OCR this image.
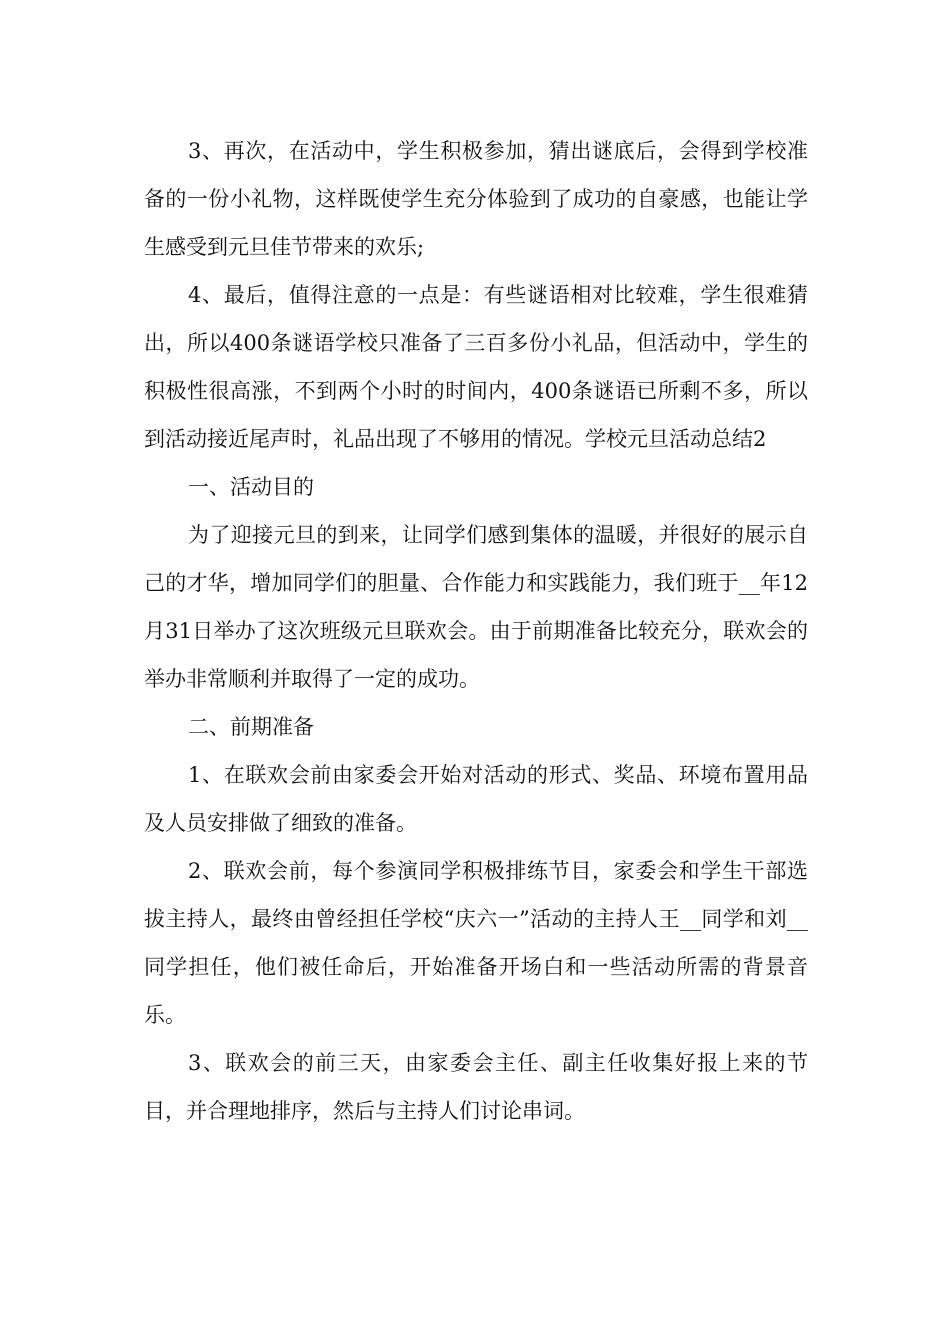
3、再次，在活动中，学生积极参加，猜出谜底后，会得到学校准备的一份小礼物，这样既使学生充分体验到了成功的自豪感，也能让学生感受到元旦佳节带来的欢乐;

4、最后，值得注意的一点是：有些谜语相对比较难，学生很难猜出，所以400条谜语学校只准备了三百多份小礼品，但活动中，学生的积极性很高涨，不到两个小时的时间内，400条谜语已所剩不多，所以到活动接近尾声时，礼品出现了不够用的情况。学校元旦活动总结2

一、活动目的

为了迎接元旦的到来，让同学们感到集体的温暖，并很好的展示自己的才华，增加同学们的胆量、合作能力和实践能力，我们班于__年12月31日举办了这次班级元旦联欢会。由于前期准备比较充分，联欢会的举办非常顺利并取得了一定的成功。

二、前期准备

1、在联欢会前由家委会开始对活动的形式、奖品、环境布置用品及人员安排做了细致的准备。

2、联欢会前，每个参演同学积极排练节目，家委会和学生干部选拔主持人，最终由曾经担任学校“庆六一”活动的主持人王__同学和刘__同学担任，他们被任命后，开始准备开场白和一些活动所需的背景音乐。

3、联欢会的前三天，由家委会主任、副主任收集好报上来的节目，并合理地排序，然后与主持人们讨论串词。
